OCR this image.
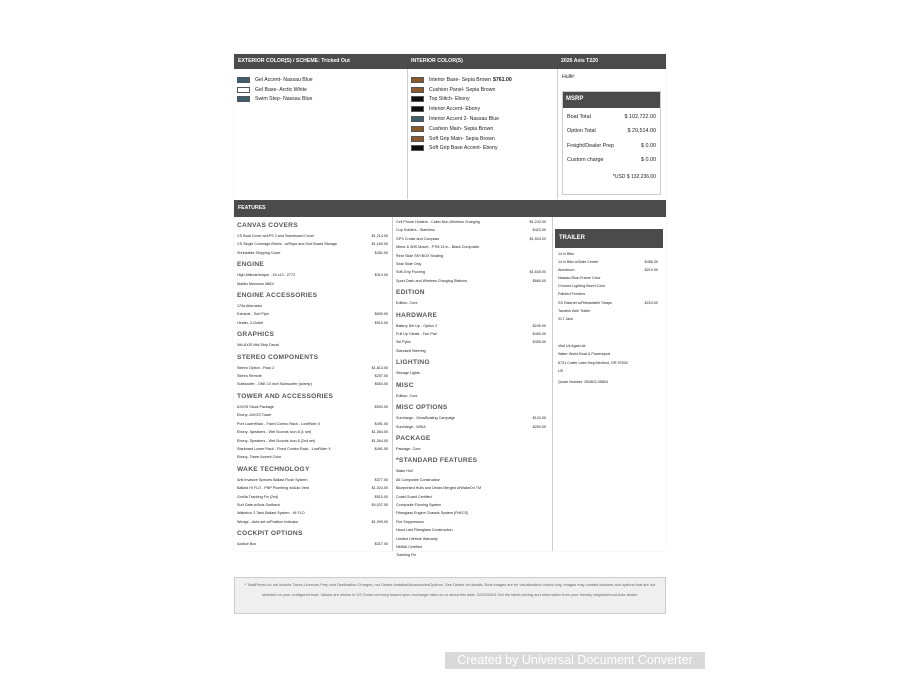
EXTERIOR COLOR(S) / SCHEME: Tricked Out	INTERIOR COLOR(S)	2026 Axis T220
Gel Accent- Nassau Blue
Gel Base- Arctic White
Swim Step- Nassau Blue
Interior Base- Sepia Brown $761.00
Cushion Panel- Sepia Brown
Top Stitch- Ebony
Interior Accent- Ebony
Interior Accent 2- Nassau Blue
Cushion Main- Sepia Brown
Soft Grip Main- Sepia Brown
Soft Grip Base Accent- Ebony
Hull#:
MSRP
Boat Total	$ 102,722.00
Option Total	$ 29,514.00
Freight/Dealer Prep	$ 0.00
Custom charge	$ 0.00
*USD $ 132,236.00
FEATURES
CANVAS COVERS
CS Boat Cover w/APS 2 and Swimboard Cover	$1,214.00
CS Single Coverage Bimini - w/Rope and Surf Board Storage	$1,160.00
Shrinkable Shipping Cover	$452.00
ENGINE
High Altitude/torque - 15 c13 - 2773	$314.00
Malibu Monsoon M6Di
ENGINE ACCESSORIES
170a Alternator
Exhaust - Surf Pipe	$699.00
Heater, 3-Outlet	$910.00
GRAPHICS
NM-AXIS Mid-Strip Decal
STEREO COMPONENTS
Stereo Option - Pack 2	$1,813.00
Stereo Remote	$257.00
Subwoofer - ONE 10 inch Subwoofer (w/amp)	$654.00
TOWER AND ACCESSORIES
AXIOS Stock Package	$593.00
Ebony- AXIOS Tower
Port LowerRack - Fixed Combo Rack - LowRider X	$491.00
Ebony- Speakers - Wet Sounds Icon 8 (1 set)	$1,364.00
Ebony- Speakers - Wet Sounds Icon 8 (2nd set)	$1,364.00
Starboard Lower Rack - Fixed Combo Rack - LowRider X	$491.00
Ebony- Tower Accent Color
WAKE TECHNOLOGY
Anti Invasive Species Ballast Flush System	$377.00
Ballast HI FLO - PNP Plumbing w/Auto Vent	$1,024.00
Gorilla Tracking Fin (2nd)	$510.00
Surf Gate w/Axis Surfband	$4,037.00
Wakebox 3 Tank Ballast System - HI FLO
Wedge - Auto-set w/Position Indicator	$1,099.00
COCKPIT OPTIONS
Acidice Box	$317.00
Cell Phone Holders - Cabin Non-Wireless Charging	$1,242.00
Cup Holders - Stainless	$423.00
GPS Cruise and Compass	$1,534.00
Mirror & WIS Mount - PTM 14 in - Black Composite
Rear Slide SKYBOX Seating
Seat Slide Only
Soft-Grip Flooring	$1,630.00
Sport Dash and Wireless Charging Stations	$660.00
EDITION
Edition- Core
HARDWARE
Battery Set Up - Option 2	$249.00
Pull Up Cleats - Two Pair	$490.00
Ski Pylon	$305.00
Standard Steering
LIGHTING
Storage Lights
MISC
Edition- Core
MISC OPTIONS
Surcharge - GrowBoating Campaign	$134.00
Surcharge - WSIA	$200.00
PACKAGE
Package- Core
*STANDARD FEATURES
Wake Hull
All Composite Construction
Blueprinted Hulls and Decks Merged w/WakeOn TM
Coast Guard Certified
Composite Flooring System
Fiberglass Engine Chassis System (FbECS)
Fire Suppression
Hand Laid Fiberglass Construction
Limited Lifetime Warranty
NMMA Certified
Tracking Fin
TRAILER
14 in Biltz
14 in Biltz w/Dale Center	$456.00
Aluminum	$219.00
Nassau Blue-Frame Color
Chrome-Lighting Bezel Color
Painted Fenders
SS Ratchet w/Retractable Straps	$224.00
Tandem Axle Trailer
XLT Jack
Visit Us Again At:
Water World Boat & Powersport
6731 Crater Lake Hwy,Medford, OR 97502
US
Quote Number: 250602-05804
* TotalPrices do not include Taxes,Licences,Prep and Destination Charges, nor Dealer-InstalledAccessoriesOptions. See Dealer for details. Boat images are for visualization/ colors only. Images may contain features and options that are not selected on your configured boat. Values are shown in US Dollar currency based upon exchange rates on or about this date: 02/03/2024 Get the latest pricing and information from your friendly neighborhood Axis dealer.
Created by Universal Document Converter
